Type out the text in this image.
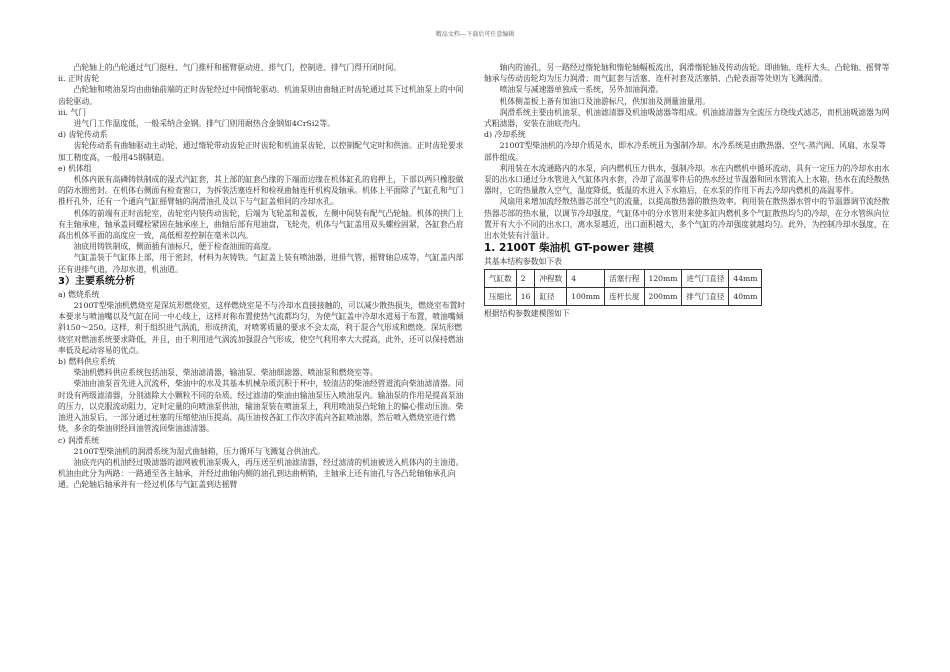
精品文档---下载后可任意编辑

凸轮轴上的凸轮通过气门挺柱、气门推杆和摇臂驱动进、排气门，控制进、排气门得开闭时间。

ii. 正时齿轮

凸轮轴和喷油泵均由曲轴前端的正时齿轮经过中间惰轮驱动。机油泵则由曲轴正时齿轮通过其下过机油泵上的中间齿轮驱动。

iii. 气门

进气门工作温度低，一般采纳合金钢。排气门则用耐热合金钢如4CrSi2等。

d) 齿轮传动系

齿轮传动系有曲轴驱动主动轮，通过惰轮带动齿轮正时齿轮和机油泵齿轮，以控制配气定时和供油。正时齿轮要求加工精度高，一般用45钢制造。

e) 机体组

机体内嵌有高磷铸铁制成的湿式汽缸套，其上部的缸套凸缘的下端面边缘在机体缸孔的肩押上，下部以两只橡胶做的防水圈密封。在机体右侧面有检查窗口，为拆装活塞连杆和检视曲轴连杆机构及轴承。机体上平面除了气缸孔和气门推杆孔外，还有一个通向气缸摇臂轴的润滑油孔及以下与气缸盖相同的冷却水孔。

机体的前端有正时齿轮室，齿轮室内装传动齿轮，后端为飞轮盖和盖板，左侧中间装有配气凸轮轴。机体的拱门上有主轴承座，轴承盖同螺栓紧固在轴承座上，曲轴后部有甩油盘，飞轮壳，机体与气缸盖用双头螺栓固紧，各缸套凸肩高出机体平面的高度应一致，高低相差控制在毫米以内。

油底用铸铁制成，侧面插有油标尺，便于检查油面的高度。

气缸盖装于气缸体上部，用于密封，材料为灰铸铁。气缸盖上装有喷油器，进排气管，摇臂轴总成等，气缸盖内部还有进排气道，冷却水道，机油道。

3）主要系统分析

a) 燃烧系统

2100T型柴油机燃烧室是深坑形燃烧室，这样燃烧室是不与冷却水直接接触的，可以减少散热损失，燃烧室布置时本要求与喷油嘴以及气缸在同一中心线上，这样对称布置使热气流都均匀，为使气缸盖中冷却水道易于布置，喷油嘴倾斜150～250。这样，利于组织进气涡流，形成挤流，对喷雾质量的要求不会太高，利于混合气形成和燃烧。深坑形燃烧室对燃油系统要求降低，并且，由于利用进气涡流加强混合气形成，使空气利用率大大提高，此外，还可以保持燃油率低及起动容易的优点。

b) 燃料供应系统

柴油机燃料供应系统包括油泵、柴油滤清器，输油泵、柴油细滤器、喷油泵和燃烧室等。

柴油由油泵首先进入沉流杯，柴油中的水及其基本机械杂质沉积于杯中，较清洁的柴油经管道流向柴油滤清器。同时设有两级滤清器，分别滤除大小颗粒不同的杂质。经过滤清的柴油由输油泵压入喷油泵内。输油泵的作用是提高泵油的压力，以克服流动阻力，定时定量的向喷油泵供油，输油泵装在喷油泵上，利用喷油泵凸轮轴上的偏心推动压油。柴油进入油泵后，一部分通过柱塞的压缩使油压提高，高压油按各缸工作次序流向各缸喷油器，然后喷入燃烧室进行燃烧，多余的柴油则经回油管流回柴油滤清器。

c) 润滑系统

2100T型柴油机的润滑系统为湿式曲轴箱，压力循环与飞溅复合供油式。

油底壳内的机油经过吸滤器的滤网被机油泵吸入，再压送至机油滤清器，经过滤清的机油被送入机体内的主油道。机油由此分为两路：一路通至各主轴承，并经过曲轴内侧的油孔到达曲柄销，主轴承上还有油孔与各凸轮轴轴承孔向通。凸轮轴后轴承并有一经过机体与气缸盖到达摇臂

轴内的油孔，另一路经过惰轮轴和惰轮轴幅板流出，润滑惰轮轴及传动齿轮。即曲轴、连杆大头、凸轮轴、摇臂等轴承与传动齿轮均为压力润滑；而气缸套与活塞、连杆衬套及活塞销、凸轮表面等处则为飞溅润滑。

喷油泵与减速器单独成一系统，另外加油润滑。

机体侧盖板上备有加油口及油游标尺，供加油及测量油量用。

润滑系统主要由机油泵、机油滤清器及机油吸滤器等组成。机油滤清器为全流压力绕线式滤芯，而机油吸滤器为网式粗滤器，安装在油底壳内。

d) 冷却系统

2100T型柴油机的冷却介质是水，即水冷系统且为强制冷却。水冷系统是由散热器、空气-蒸汽阀、风扇、水泵等部件组成。

利用装在水流通路内的水泵，向内燃机压力供水，强制冷却。水在内燃机中循环流动，具有一定压力的冷却水由水泵的出水口通过分水管进入气缸体内水套，冷却了高温零件后的热水经过节温器和回水管流入上水箱，热水在流经散热器时，它的热量散入空气，温度降低，低温的水进入下水箱后，在水泵的作用下再去冷却内燃机的高温零件。

风扇用来增加流经散热器芯部空气的流量，以提高散热器的散热效率。利用装在散热器水管中的节温器调节流经散热器芯部的热水量，以调节冷却强度，气缸体中的分水管用来使多缸内燃机多个气缸散热均匀的冷却，在分水管纵向位置开有大小不同的出水口，离水泵越近，出口面积越大，多个气缸的冷却强度就越均匀。此外，为控制冷却水强度，在出水处装有汁温计。

1. 2100T 柴油机 GT-power 建模

其基本结构参数如下表

气缸数	2	冲程数	4	活塞行程	120mm	进气门直径	44mm
压缩比	16	缸径	100mm	连杆长度	200mm	排气门直径	40mm

根据结构参数建模图如下
